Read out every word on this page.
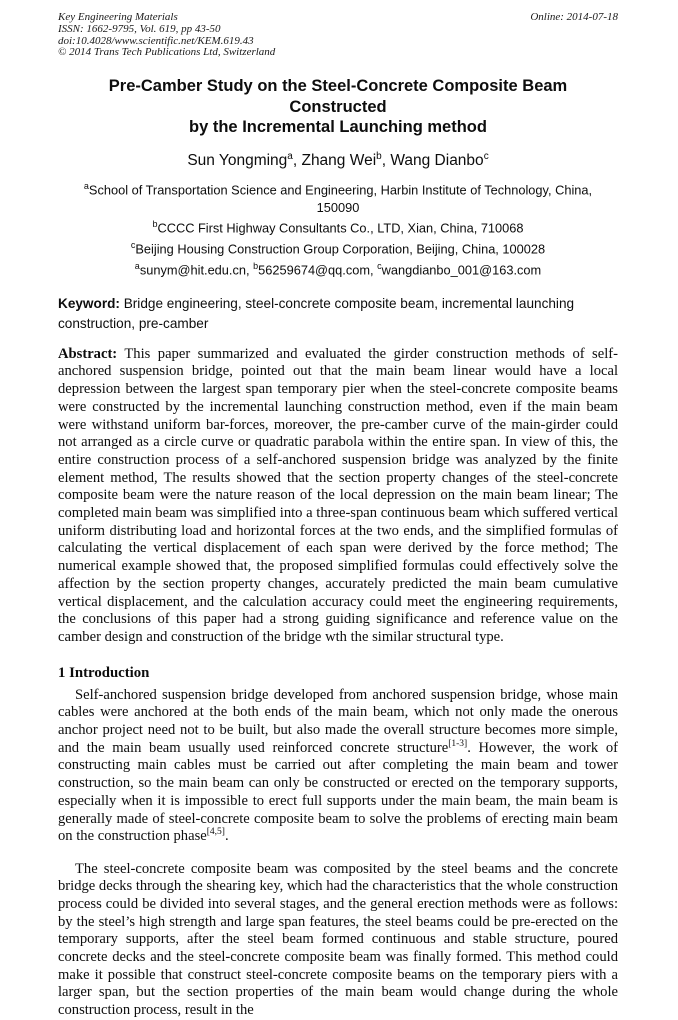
Key Engineering Materials
ISSN: 1662-9795, Vol. 619, pp 43-50
doi:10.4028/www.scientific.net/KEM.619.43
© 2014 Trans Tech Publications Ltd, Switzerland
Online: 2014-07-18
Pre-Camber Study on the Steel-Concrete Composite Beam Constructed
by the Incremental Launching method
Sun Yongming$^a$, Zhang Wei$^b$, Wang Dianbo$^c$
$^a$School of Transportation Science and Engineering, Harbin Institute of Technology, China,
150090
$^b$CCCC First Highway Consultants Co., LTD, Xian, China, 710068
$^c$Beijing Housing Construction Group Corporation, Beijing, China, 100028
$^a$sunym@hit.edu.cn, $^b$56259674@qq.com, $^c$wangdianbo_001@163.com
Keyword: Bridge engineering, steel-concrete composite beam, incremental launching construction, pre-camber

Abstract: This paper summarized and evaluated the girder construction methods of self-anchored suspension bridge, pointed out that the main beam linear would have a local depression between the largest span temporary pier when the steel-concrete composite beams were constructed by the incremental launching construction method, even if the main beam were withstand uniform bar-forces, moreover, the pre-camber curve of the main-girder could not arranged as a circle curve or quadratic parabola within the entire span. In view of this, the entire construction process of a self-anchored suspension bridge was analyzed by the finite element method, The results showed that the section property changes of the steel-concrete composite beam were the nature reason of the local depression on the main beam linear; The completed main beam was simplified into a three-span continuous beam which suffered vertical uniform distributing load and horizontal forces at the two ends, and the simplified formulas of calculating the vertical displacement of each span were derived by the force method; The numerical example showed that, the proposed simplified formulas could effectively solve the affection by the section property changes, accurately predicted the main beam cumulative vertical displacement, and the calculation accuracy could meet the engineering requirements, the conclusions of this paper had a strong guiding significance and reference value on the camber design and construction of the bridge wth the similar structural type.

1 Introduction

Self-anchored suspension bridge developed from anchored suspension bridge, whose main cables were anchored at the both ends of the main beam, which not only made the onerous anchor project need not to be built, but also made the overall structure becomes more simple, and the main beam usually used reinforced concrete structure[1-3]. However, the work of constructing main cables must be carried out after completing the main beam and tower construction, so the main beam can only be constructed or erected on the temporary supports, especially when it is impossible to erect full supports under the main beam, the main beam is generally made of steel-concrete composite beam to solve the problems of erecting main beam on the construction phase[4,5].

The steel-concrete composite beam was composited by the steel beams and the concrete bridge decks through the shearing key, which had the characteristics that the whole construction process could be divided into several stages, and the general erection methods were as follows: by the steel’s high strength and large span features, the steel beams could be pre-erected on the temporary supports, after the steel beam formed continuous and stable structure, poured concrete decks and the steel-concrete composite beam was finally formed. This method could make it possible that construct steel-concrete composite beams on the temporary piers with a larger span, but the section properties of the main beam would change during the whole construction process, result in the
